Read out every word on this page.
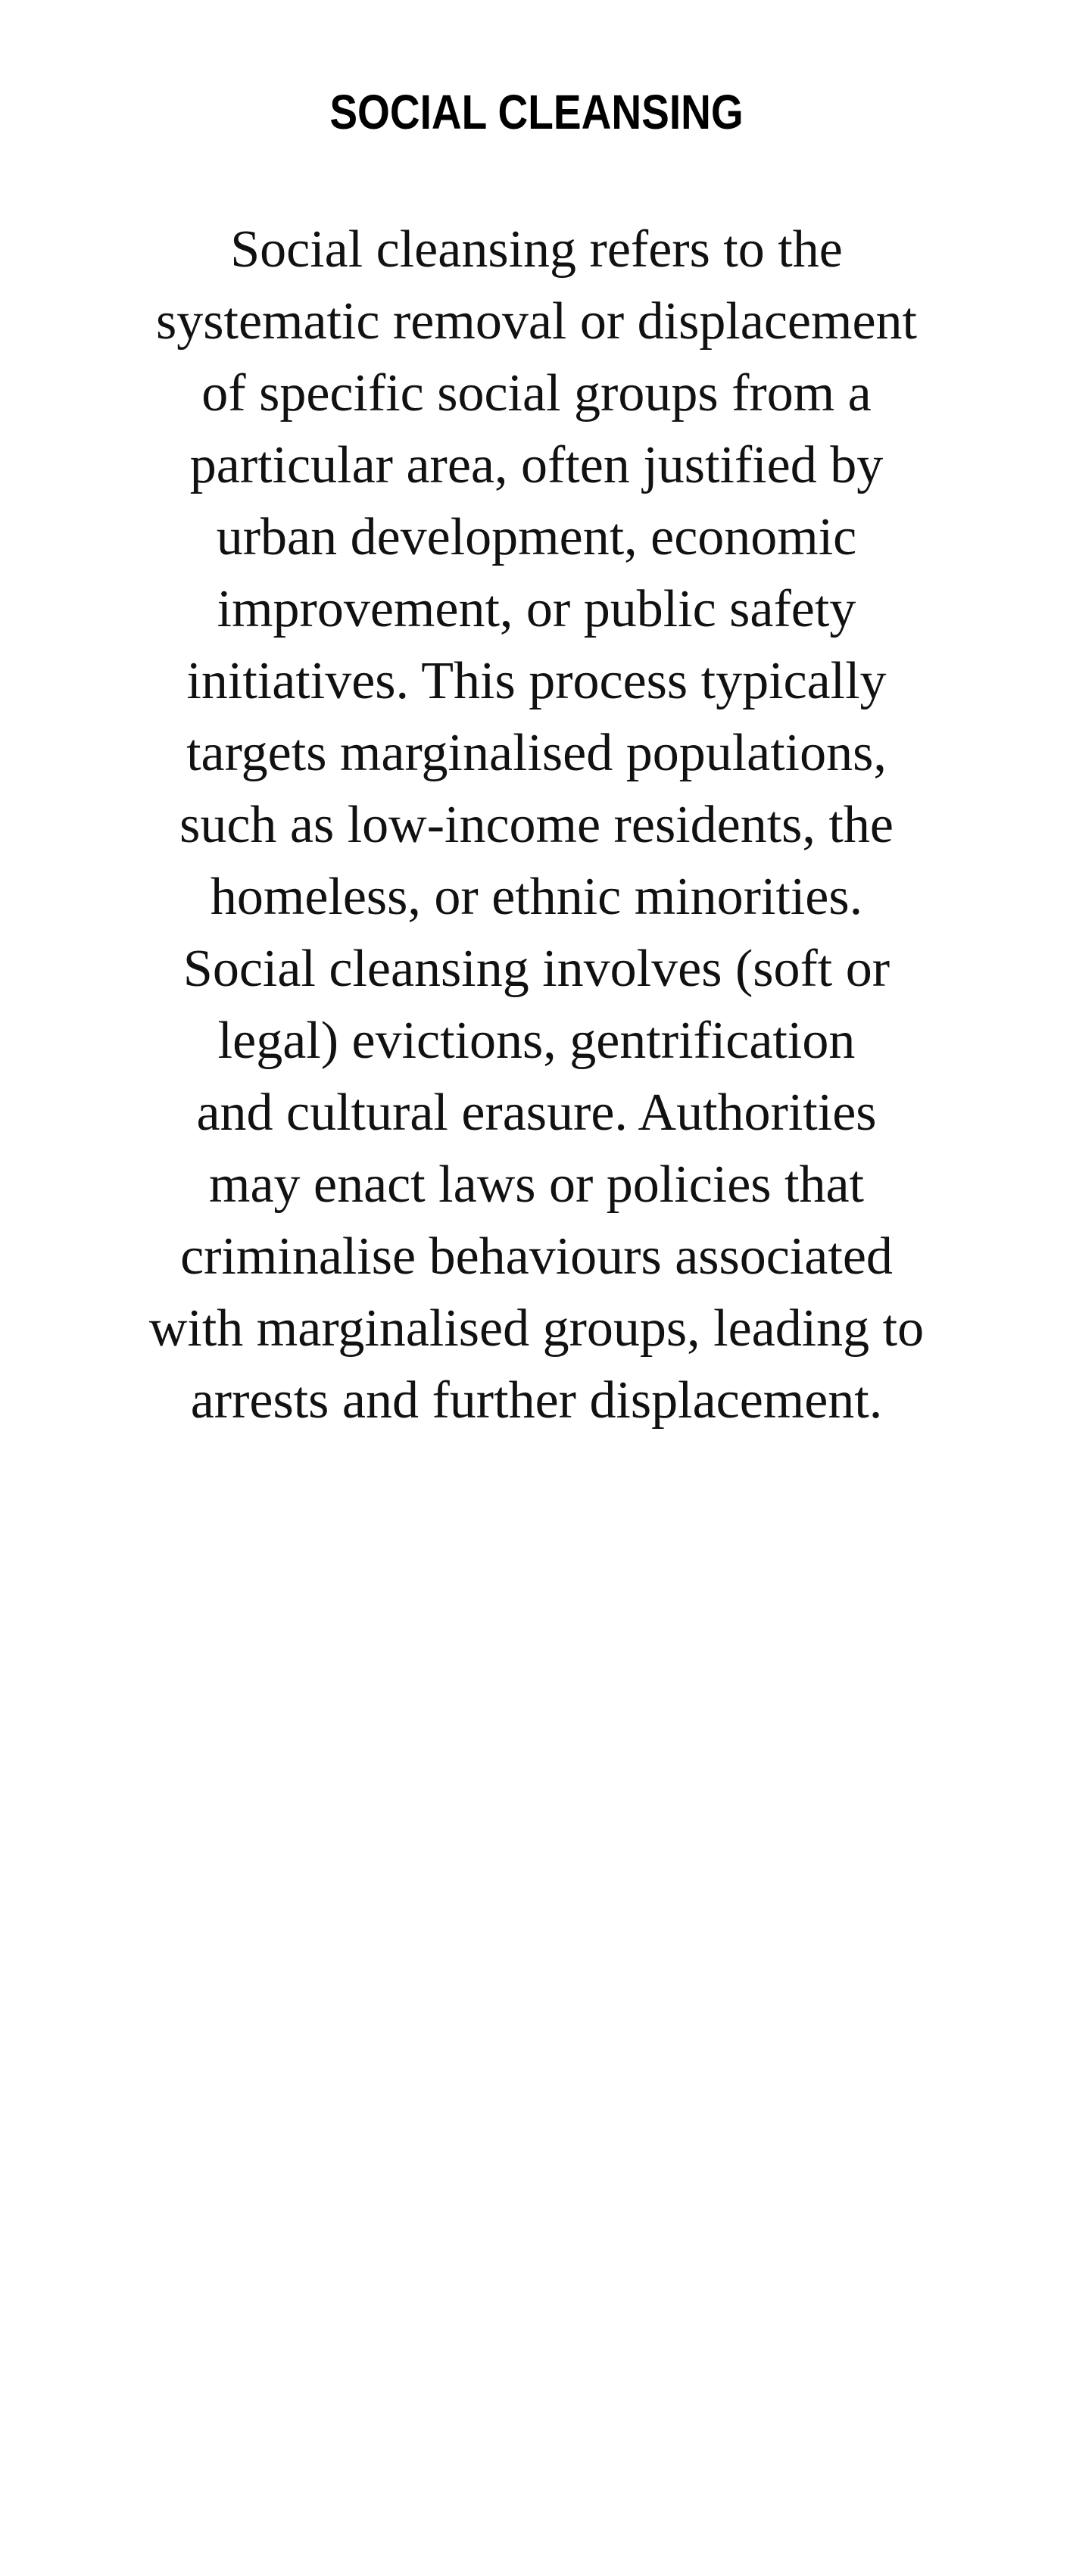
SOCIAL CLEANSING

Social cleansing refers to the
systematic removal or displacement
of specific social groups from a
particular area, often justified by
urban development, economic
improvement, or public safety
initiatives. This process typically
targets marginalised populations,
such as low-income residents, the
homeless, or ethnic minorities.
Social cleansing involves (soft or
legal) evictions, gentrification
and cultural erasure. Authorities
may enact laws or policies that
criminalise behaviours associated
with marginalised groups, leading to
arrests and further displacement.
